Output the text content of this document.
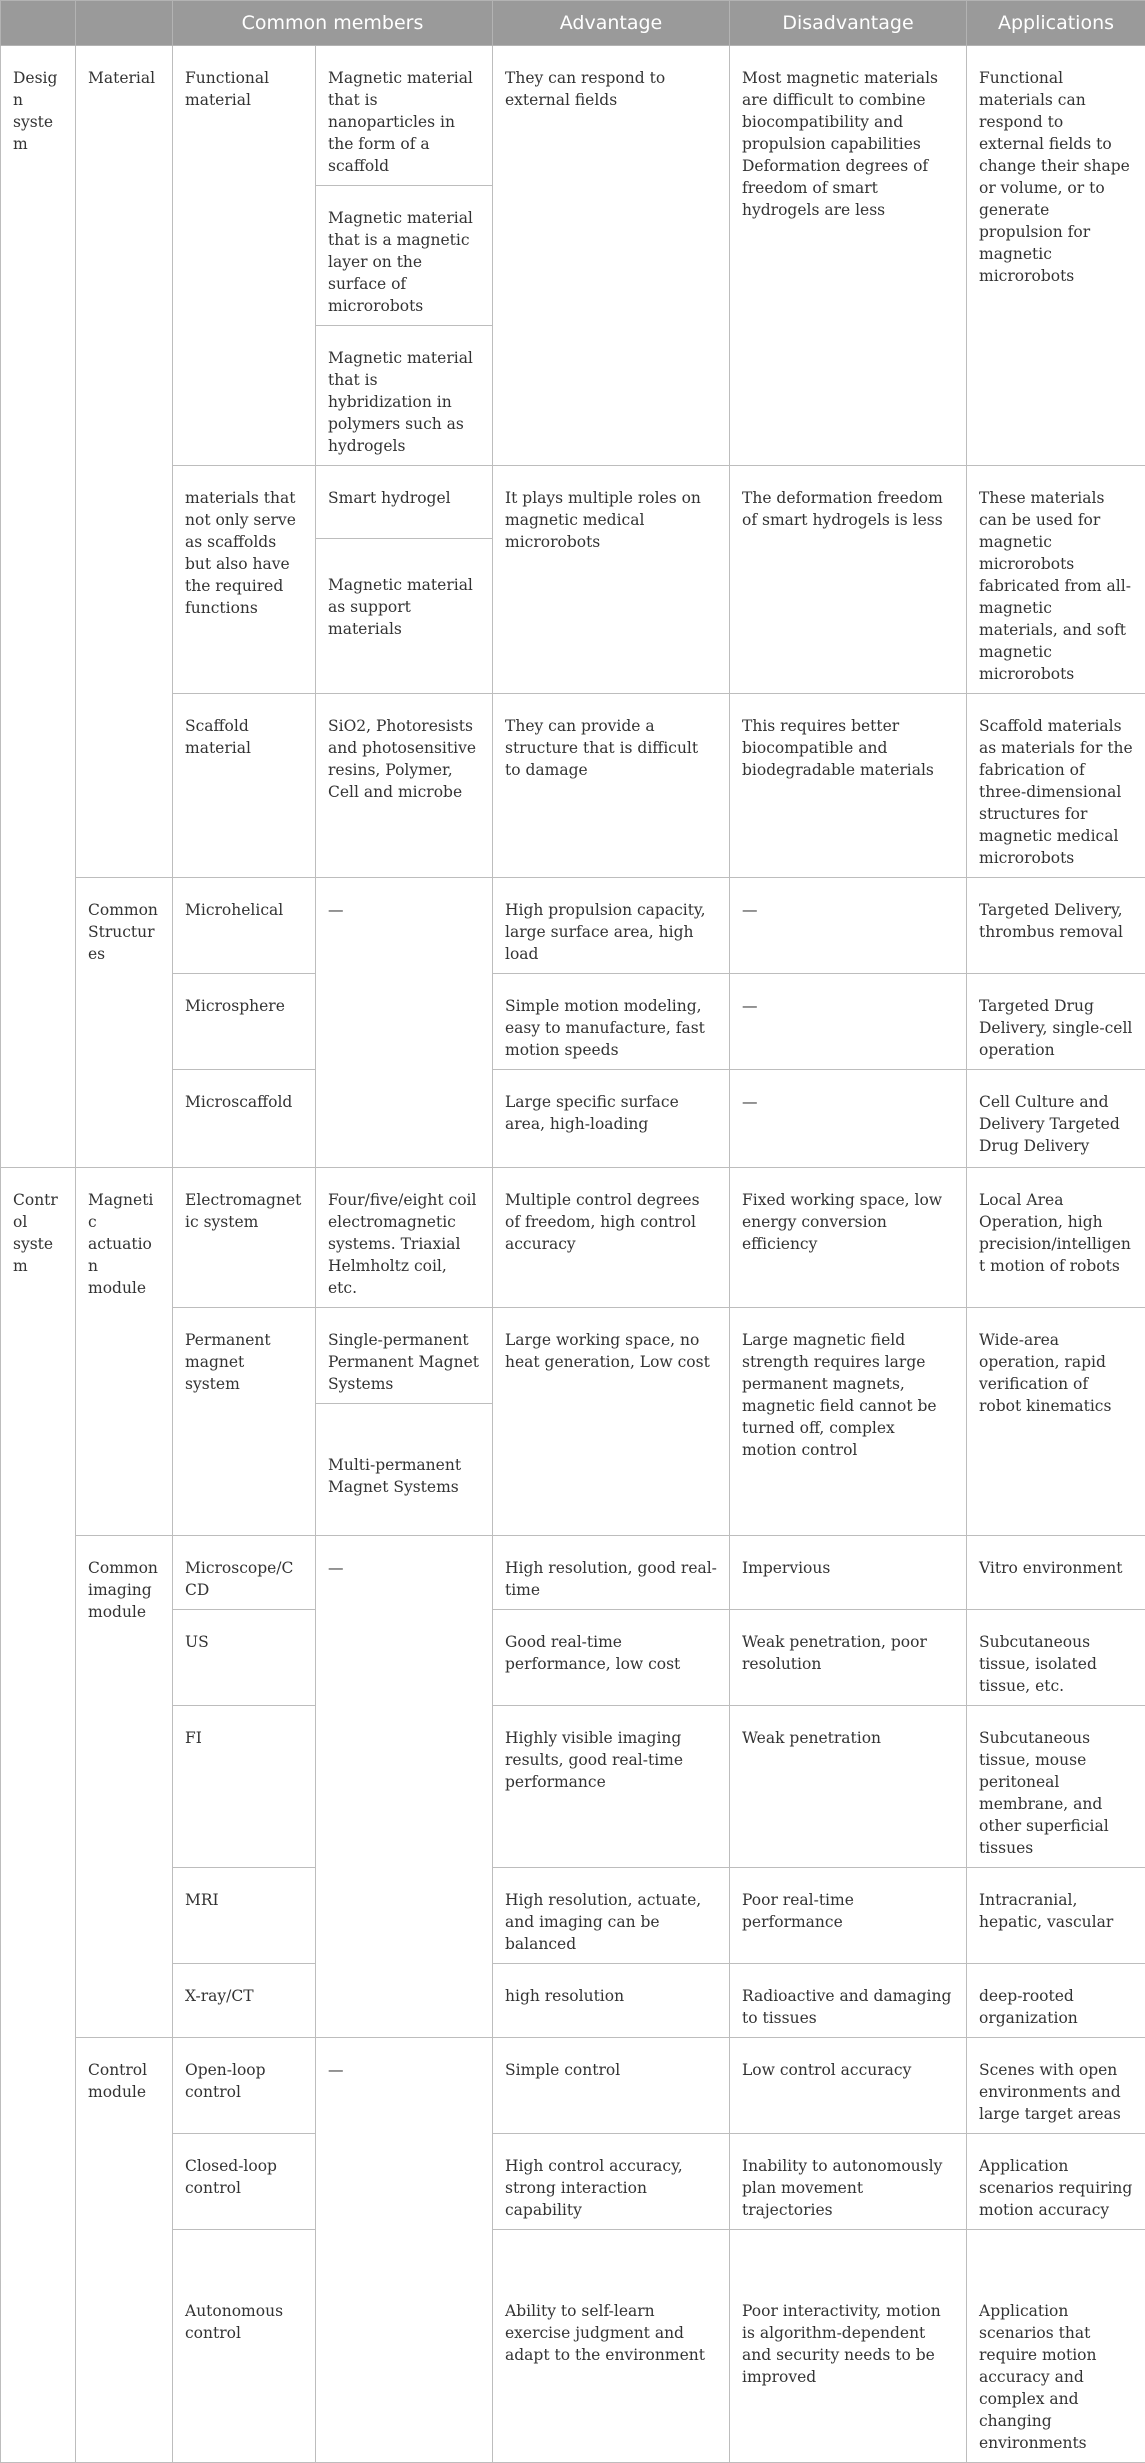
		Common members		Advantage	Disadvantage	Applications
Design system	Material	Functional material	Magnetic material that is nanoparticles in the form of a scaffold	They can respond to external fields	Most magnetic materials are difficult to combine biocompatibility and propulsion capabilities Deformation degrees of freedom of smart hydrogels are less	Functional materials can respond to external fields to change their shape or volume, or to generate propulsion for magnetic microrobots
			Magnetic material that is a magnetic layer on the surface of microrobots			
			Magnetic material that is hybridization in polymers such as hydrogels			
		materials that not only serve as scaffolds but also have the required functions	Smart hydrogel	It plays multiple roles on magnetic medical microrobots	The deformation freedom of smart hydrogels is less	These materials can be used for magnetic microrobots fabricated from all-magnetic materials, and soft magnetic microrobots
			Magnetic material as support materials			
		Scaffold material	SiO2, Photoresists and photosensitive resins, Polymer, Cell and microbe	They can provide a structure that is difficult to damage	This requires better biocompatible and biodegradable materials	Scaffold materials as materials for the fabrication of three-dimensional structures for magnetic medical microrobots
	Common Structures	Microhelical	—	High propulsion capacity, large surface area, high load	—	Targeted Delivery, thrombus removal
		Microsphere		Simple motion modeling, easy to manufacture, fast motion speeds	—	Targeted Drug Delivery, single-cell operation
		Microscaffold		Large specific surface area, high-loading	—	Cell Culture and Delivery Targeted Drug Delivery
Control system	Magnetic actuation module	Electromagnetic system	Four/five/eight coil electromagnetic systems. Triaxial Helmholtz coil, etc.	Multiple control degrees of freedom, high control accuracy	Fixed working space, low energy conversion efficiency	Local Area Operation, high precision/intelligent motion of robots
		Permanent magnet system	Single-permanent Permanent Magnet Systems	Large working space, no heat generation, Low cost	Large magnetic field strength requires large permanent magnets, magnetic field cannot be turned off, complex motion control	Wide-area operation, rapid verification of robot kinematics
			Multi-permanent Magnet Systems			
	Common imaging module	Microscope/CCD	—	High resolution, good real-time	Impervious	Vitro environment
		US		Good real-time performance, low cost	Weak penetration, poor resolution	Subcutaneous tissue, isolated tissue, etc.
		FI		Highly visible imaging results, good real-time performance	Weak penetration	Subcutaneous tissue, mouse peritoneal membrane, and other superficial tissues
		MRI		High resolution, actuate, and imaging can be balanced	Poor real-time performance	Intracranial, hepatic, vascular
		X-ray/CT		high resolution	Radioactive and damaging to tissues	deep-rooted organization
	Control module	Open-loop control	—	Simple control	Low control accuracy	Scenes with open environments and large target areas
		Closed-loop control		High control accuracy, strong interaction capability	Inability to autonomously plan movement trajectories	Application scenarios requiring motion accuracy
		Autonomous control		Ability to self-learn exercise judgment and adapt to the environment	Poor interactivity, motion is algorithm-dependent and security needs to be improved	Application scenarios that require motion accuracy and complex and changing environments
